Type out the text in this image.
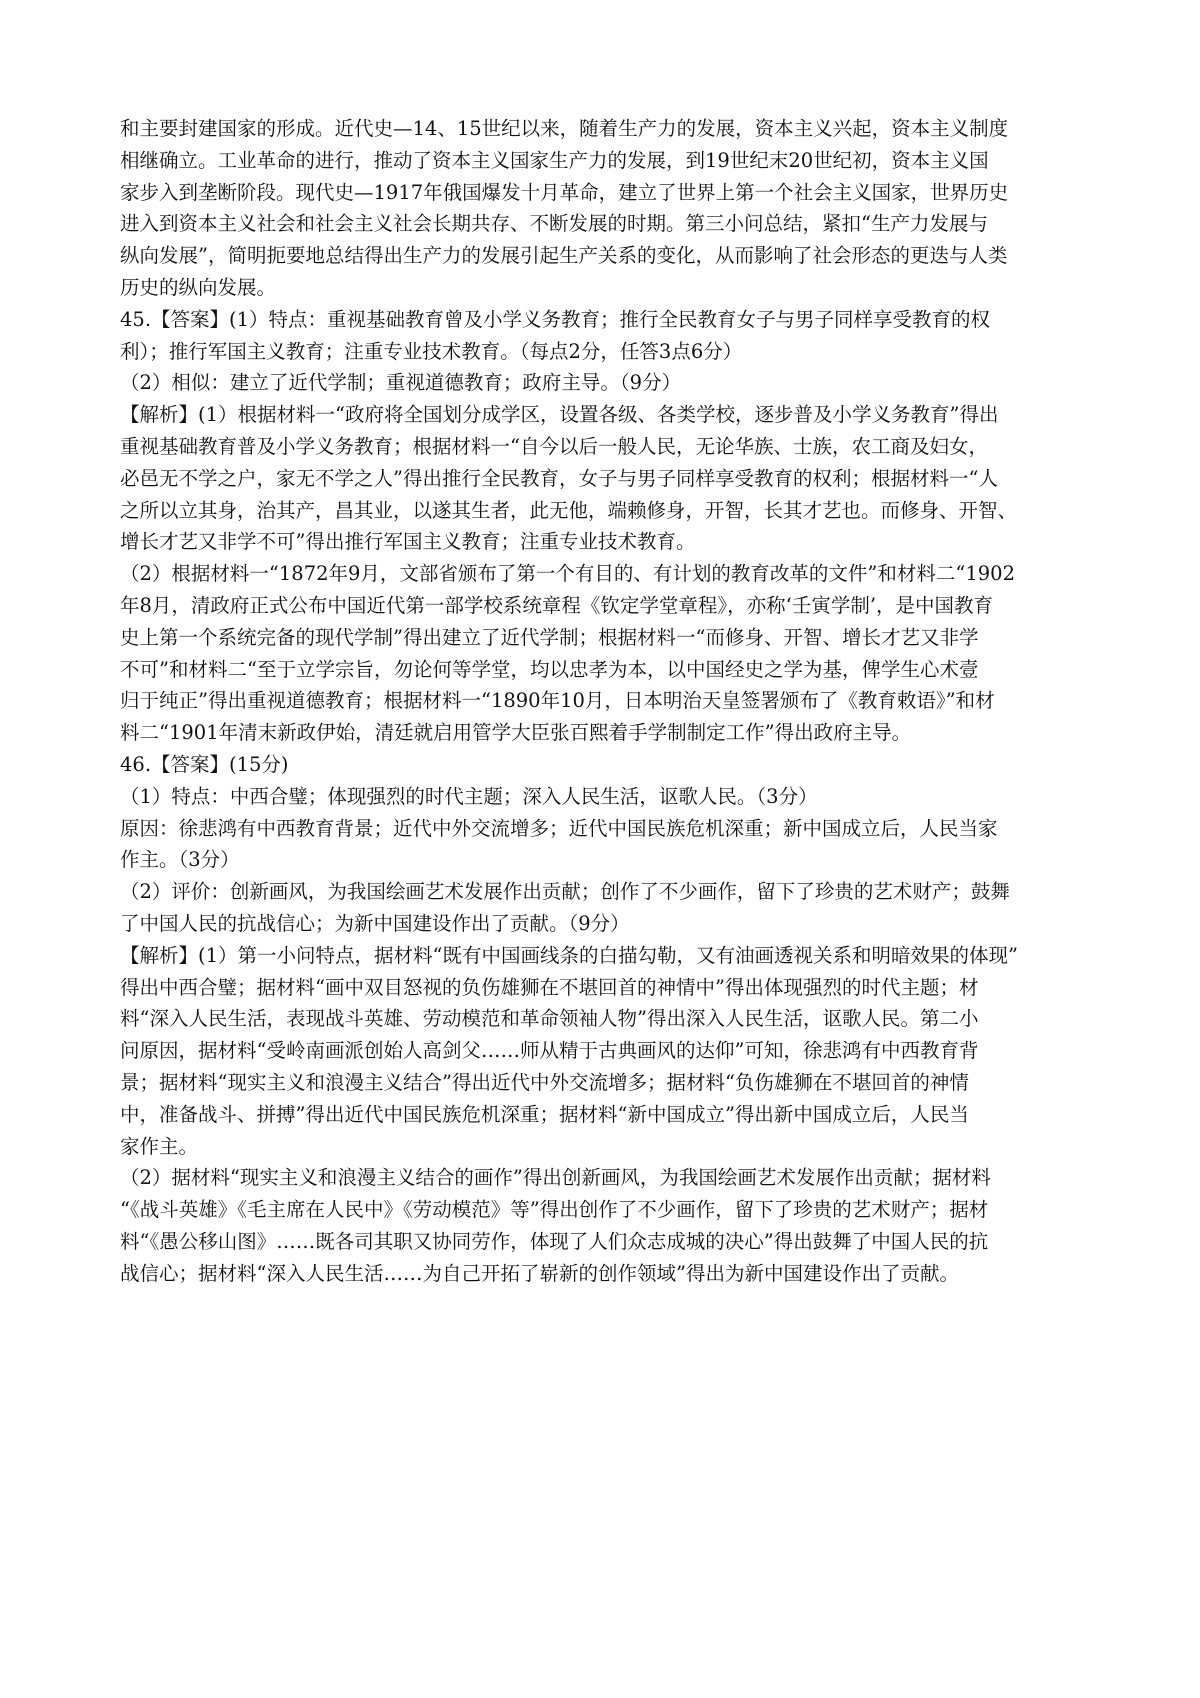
和主要封建国家的形成。近代史—14、15世纪以来，随着生产力的发展，资本主义兴起，资本主义制度
相继确立。工业革命的进行，推动了资本主义国家生产力的发展，到19世纪末20世纪初，资本主义国
家步入到垄断阶段。现代史—1917年俄国爆发十月革命，建立了世界上第一个社会主义国家，世界历史
进入到资本主义社会和社会主义社会长期共存、不断发展的时期。第三小问总结，紧扣“生产力发展与
纵向发展”，简明扼要地总结得出生产力的发展引起生产关系的变化，从而影响了社会形态的更迭与人类
历史的纵向发展。
45.【答案】(1）特点：重视基础教育曾及小学义务教育；推行全民教育女子与男子同样享受教育的权
利）；推行军国主义教育；注重专业技术教育。（每点2分，任答3点6分）
（2）相似：建立了近代学制；重视道德教育；政府主导。（9分）
【解析】(1）根据材料一“政府将全国划分成学区，设置各级、各类学校，逐步普及小学义务教育”得出
重视基础教育普及小学义务教育；根据材料一“自今以后一般人民，无论华族、士族，农工商及妇女，
必邑无不学之户，家无不学之人”得出推行全民教育，女子与男子同样享受教育的权利；根据材料一“人
之所以立其身，治其产，昌其业，以遂其生者，此无他，端赖修身，开智，长其才艺也。而修身、开智、
增长才艺又非学不可”得出推行军国主义教育；注重专业技术教育。
（2）根据材料一“1872年9月，文部省颁布了第一个有目的、有计划的教育改革的文件”和材料二“1902
年8月，清政府正式公布中国近代第一部学校系统章程《钦定学堂章程》，亦称‘壬寅学制’，是中国教育
史上第一个系统完备的现代学制”得出建立了近代学制；根据材料一“而修身、开智、增长才艺又非学
不可”和材料二“至于立学宗旨，勿论何等学堂，均以忠孝为本，以中国经史之学为基，俾学生心术壹
归于纯正”得出重视道德教育；根据材料一“1890年10月，日本明治天皇签署颁布了《教育敕语》”和材
料二“1901年清末新政伊始，清廷就启用管学大臣张百熙着手学制制定工作”得出政府主导。
46.【答案】(15分)
（1）特点：中西合璧；体现强烈的时代主题；深入人民生活，讴歌人民。（3分）
原因：徐悲鸿有中西教育背景；近代中外交流增多；近代中国民族危机深重；新中国成立后，人民当家
作主。（3分）
（2）评价：创新画风，为我国绘画艺术发展作出贡献；创作了不少画作，留下了珍贵的艺术财产；鼓舞
了中国人民的抗战信心；为新中国建设作出了贡献。（9分）
【解析】(1）第一小问特点，据材料“既有中国画线条的白描勾勒，又有油画透视关系和明暗效果的体现”
得出中西合璧；据材料“画中双目怒视的负伤雄狮在不堪回首的神情中”得出体现强烈的时代主题；材
料“深入人民生活，表现战斗英雄、劳动模范和革命领袖人物”得出深入人民生活，讴歌人民。第二小
问原因，据材料“受岭南画派创始人高剑父……师从精于古典画风的达仰”可知，徐悲鸿有中西教育背
景；据材料“现实主义和浪漫主义结合”得出近代中外交流增多；据材料“负伤雄狮在不堪回首的神情
中，准备战斗、拼搏”得出近代中国民族危机深重；据材料“新中国成立”得出新中国成立后，人民当
家作主。
（2）据材料“现实主义和浪漫主义结合的画作”得出创新画风，为我国绘画艺术发展作出贡献；据材料
“《战斗英雄》《毛主席在人民中》《劳动模范》等”得出创作了不少画作，留下了珍贵的艺术财产；据材
料“《愚公移山图》……既各司其职又协同劳作，体现了人们众志成城的决心”得出鼓舞了中国人民的抗
战信心；据材料“深入人民生活……为自己开拓了崭新的创作领域”得出为新中国建设作出了贡献。
